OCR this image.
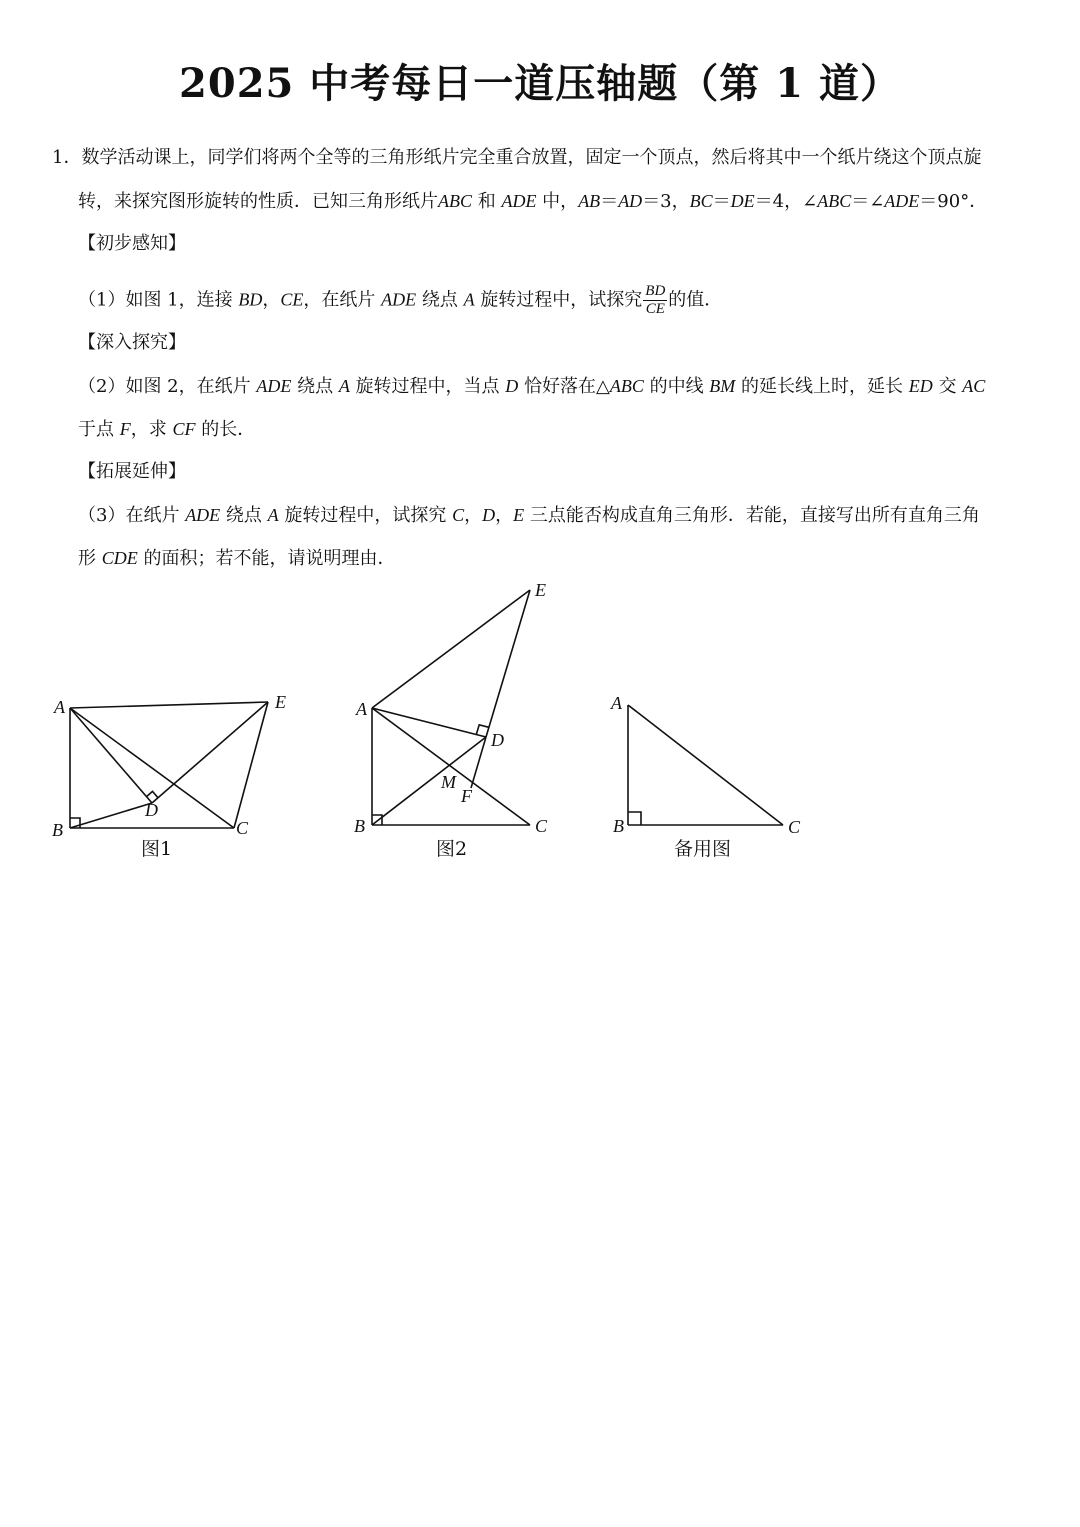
2025 中考每日一道压轴题（第 1 道）
1．数学活动课上，同学们将两个全等的三角形纸片完全重合放置，固定一个顶点，然后将其中一个纸片绕这个顶点旋
转，来探究图形旋转的性质．已知三角形纸片ABC 和 ADE 中，AB＝AD＝3，BC＝DE＝4，∠ABC＝∠ADE＝90°．
【初步感知】
（1）如图 1，连接 BD，CE，在纸片 ADE 绕点 A 旋转过程中，试探究 $\frac{BD}{CE}$ 的值．
【深入探究】
（2）如图 2，在纸片 ADE 绕点 A 旋转过程中，当点 D 恰好落在△ABC 的中线 BM 的延长线上时，延长 ED 交 AC
于点 F，求 CF 的长．
【拓展延伸】
（3）在纸片 ADE 绕点 A 旋转过程中，试探究 C，D，E 三点能否构成直角三角形．若能，直接写出所有直角三角
形 CDE 的面积；若不能，请说明理由．
A
B	C
D
E
图1
A
B	C
D
E
M
F
图2
A
B	C
备用图
